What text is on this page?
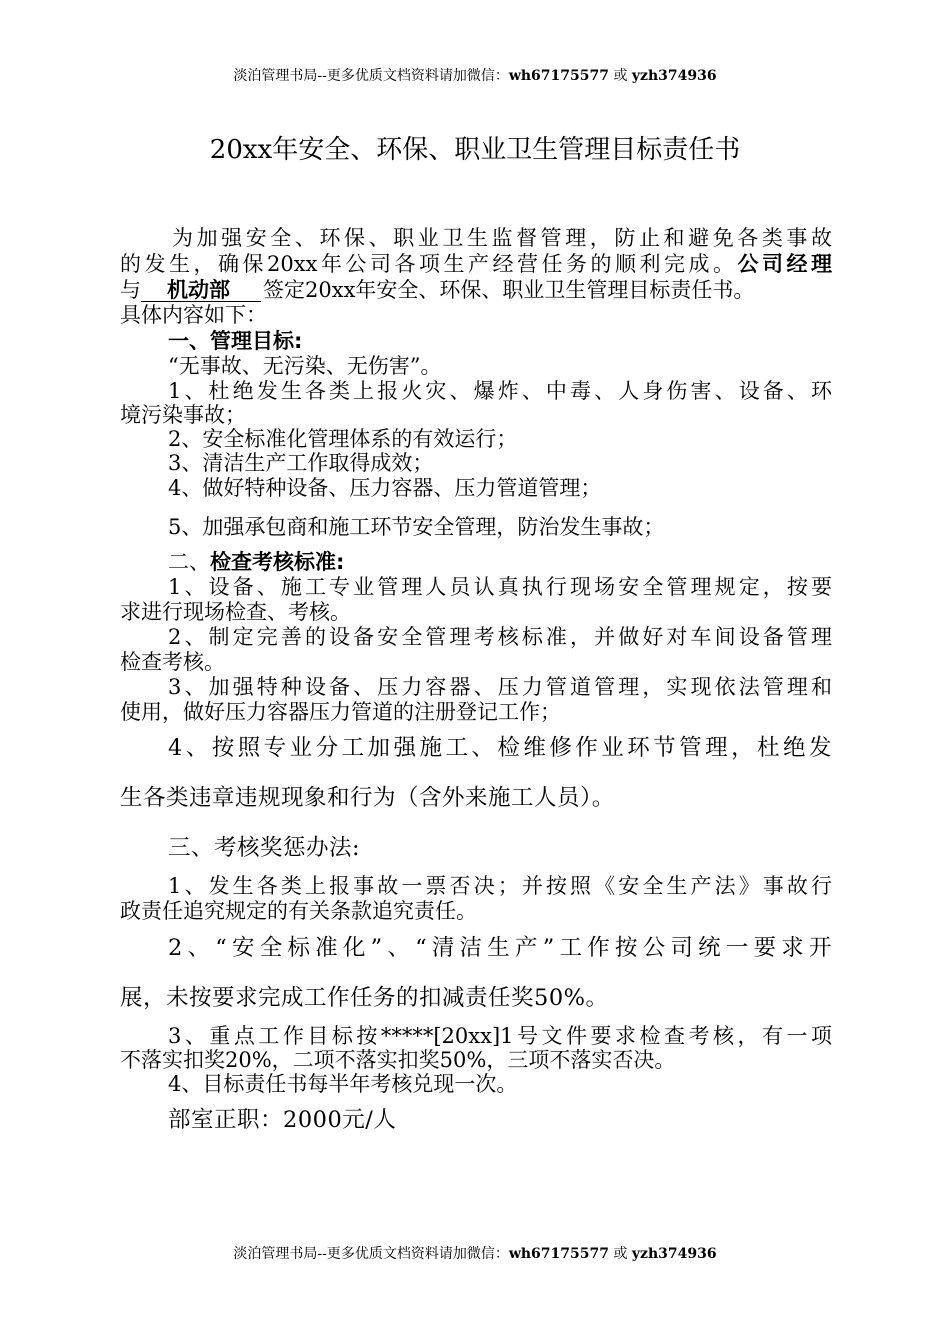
淡泊管理书局--更多优质文档资料请加微信：wh67175577 或 yzh374936
20xx年安全、环保、职业卫生管理目标责任书
为加强安全、环保、职业卫生监督管理，防止和避免各类事故
的发生，确保20xx年公司各项生产经营任务的顺利完成。公司经理
与 机动部 签定20xx年安全、环保、职业卫生管理目标责任书。
具体内容如下：
一、管理目标:
“无事故、无污染、无伤害”。
1、杜绝发生各类上报火灾、爆炸、中毒、人身伤害、设备、环
境污染事故；
2、安全标准化管理体系的有效运行；
3、清洁生产工作取得成效；
4、做好特种设备、压力容器、压力管道管理；
5、加强承包商和施工环节安全管理，防治发生事故；
二、检查考核标准:
1、设备、施工专业管理人员认真执行现场安全管理规定，按要
求进行现场检查、考核。
2、制定完善的设备安全管理考核标准，并做好对车间设备管理
检查考核。
3、加强特种设备、压力容器、压力管道管理，实现依法管理和
使用，做好压力容器压力管道的注册登记工作；
4、按照专业分工加强施工、检维修作业环节管理，杜绝发
生各类违章违规现象和行为（含外来施工人员）。
三、考核奖惩办法:
1、发生各类上报事故一票否决；并按照《安全生产法》事故行
政责任追究规定的有关条款追究责任。
2、“安全标准化”、“清洁生产”工作按公司统一要求开
展，未按要求完成工作任务的扣减责任奖50%。
3、重点工作目标按*****[20xx]1号文件要求检查考核，有一项
不落实扣奖20%，二项不落实扣奖50%，三项不落实否决。
4、目标责任书每半年考核兑现一次。
部室正职：2000元/人
淡泊管理书局--更多优质文档资料请加微信：wh67175577 或 yzh374936
